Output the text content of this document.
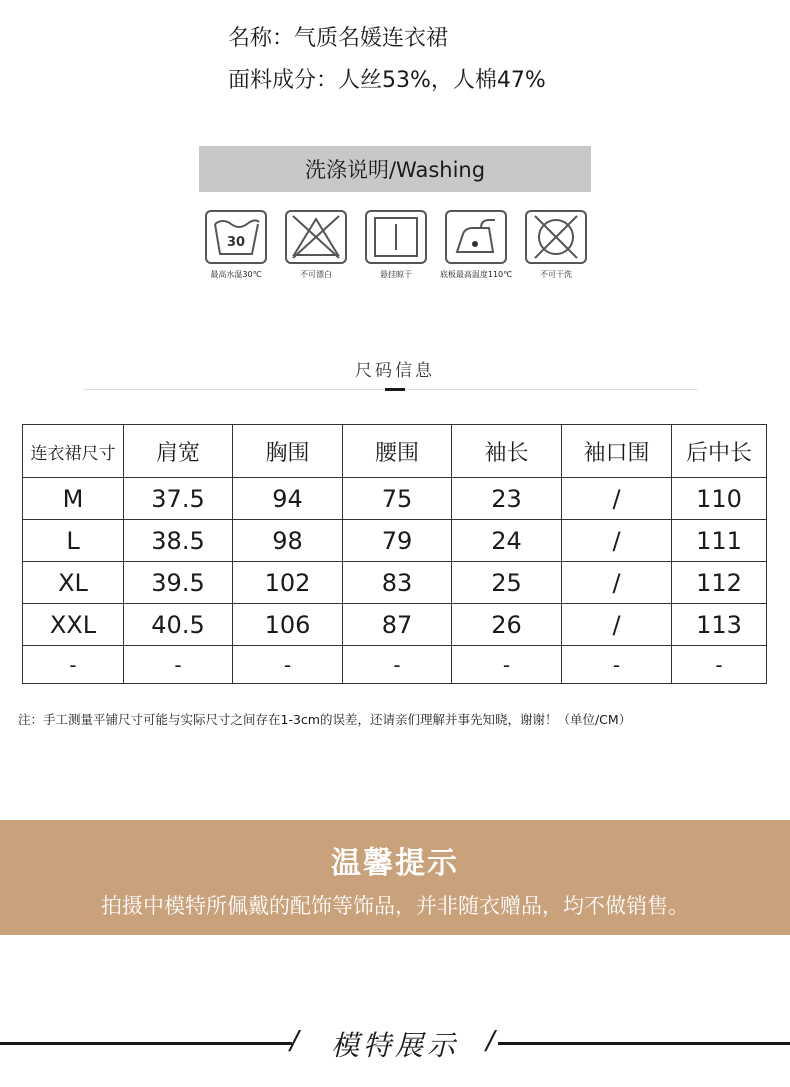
名称：气质名媛连衣裙
面料成分：人丝53%，人棉47%
洗涤说明/Washing
30
最高水温30℃	不可漂白	悬挂晾干	底板最高温度110℃	不可干洗
尺码信息
连衣裙尺寸	肩宽	胸围	腰围	袖长	袖口围	后中长
M	37.5	94	75	23	/	110
L	38.5	98	79	24	/	111
XL	39.5	102	83	25	/	112
XXL	40.5	106	87	26	/	113
-	-	-	-	-	-	-
注：手工测量平铺尺寸可能与实际尺寸之间存在1-3cm的误差，还请亲们理解并事先知晓，谢谢！（单位/CM）
温馨提示
拍摄中模特所佩戴的配饰等饰品，并非随衣赠品，均不做销售。
/	模特展示	/
